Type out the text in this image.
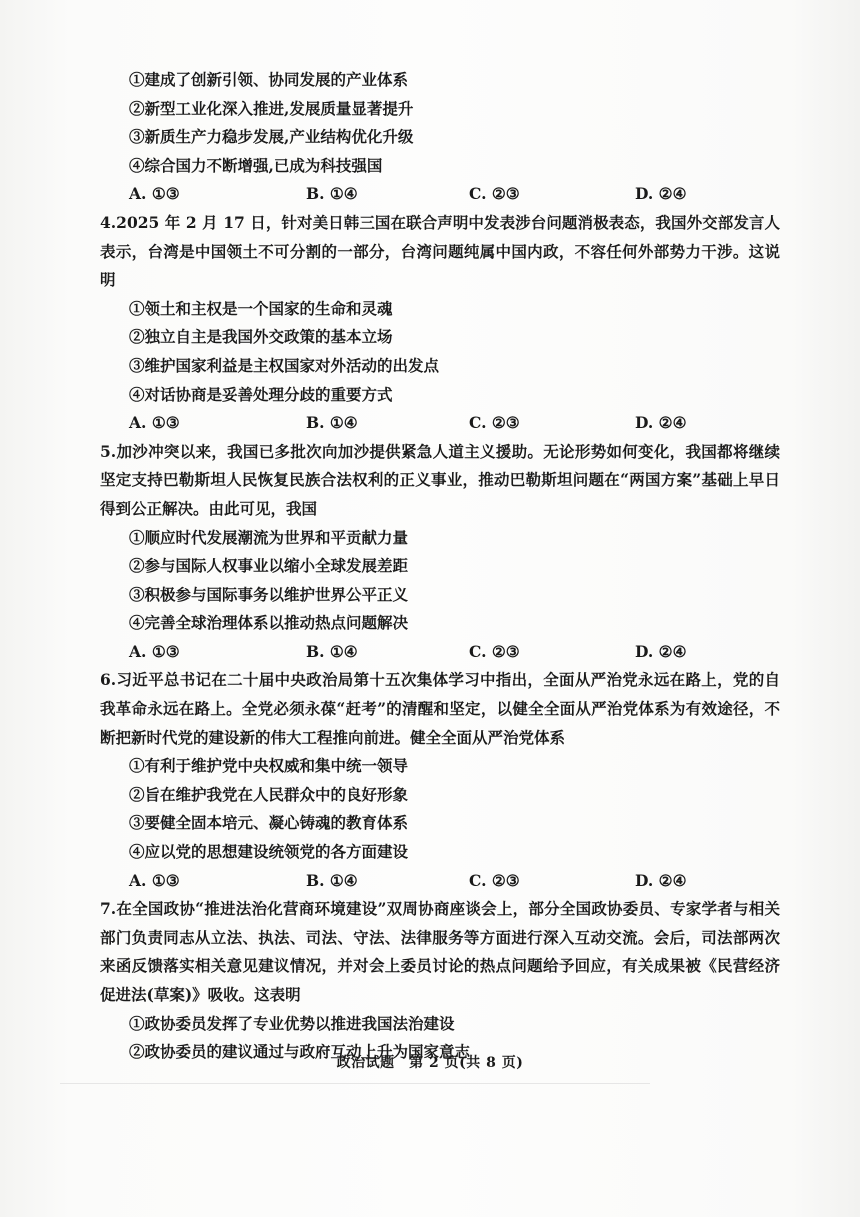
①建成了创新引领、协同发展的产业体系
②新型工业化深入推进,发展质量显著提升
③新质生产力稳步发展,产业结构优化升级
④综合国力不断增强,已成为科技强国
A. ①③	B. ①④	C. ②③	D. ②④
4.2025 年 2 月 17 日，针对美日韩三国在联合声明中发表涉台问题消极表态，我国外交部发言人表示，台湾是中国领土不可分割的一部分，台湾问题纯属中国内政，不容任何外部势力干涉。这说明
①领土和主权是一个国家的生命和灵魂
②独立自主是我国外交政策的基本立场
③维护国家利益是主权国家对外活动的出发点
④对话协商是妥善处理分歧的重要方式
A. ①③	B. ①④	C. ②③	D. ②④
5.加沙冲突以来，我国已多批次向加沙提供紧急人道主义援助。无论形势如何变化，我国都将继续坚定支持巴勒斯坦人民恢复民族合法权利的正义事业，推动巴勒斯坦问题在“两国方案”基础上早日得到公正解决。由此可见，我国
①顺应时代发展潮流为世界和平贡献力量
②参与国际人权事业以缩小全球发展差距
③积极参与国际事务以维护世界公平正义
④完善全球治理体系以推动热点问题解决
A. ①③	B. ①④	C. ②③	D. ②④
6.习近平总书记在二十届中央政治局第十五次集体学习中指出，全面从严治党永远在路上，党的自我革命永远在路上。全党必须永葆“赶考”的清醒和坚定，以健全全面从严治党体系为有效途径，不断把新时代党的建设新的伟大工程推向前进。健全全面从严治党体系
①有利于维护党中央权威和集中统一领导
②旨在维护我党在人民群众中的良好形象
③要健全固本培元、凝心铸魂的教育体系
④应以党的思想建设统领党的各方面建设
A. ①③	B. ①④	C. ②③	D. ②④
7.在全国政协“推进法治化营商环境建设”双周协商座谈会上，部分全国政协委员、专家学者与相关部门负责同志从立法、执法、司法、守法、法律服务等方面进行深入互动交流。会后，司法部两次来函反馈落实相关意见建议情况，并对会上委员讨论的热点问题给予回应，有关成果被《民营经济促进法(草案)》吸收。这表明
①政协委员发挥了专业优势以推进我国法治建设
②政协委员的建议通过与政府互动上升为国家意志
政治试题　第 2 页(共 8 页)
